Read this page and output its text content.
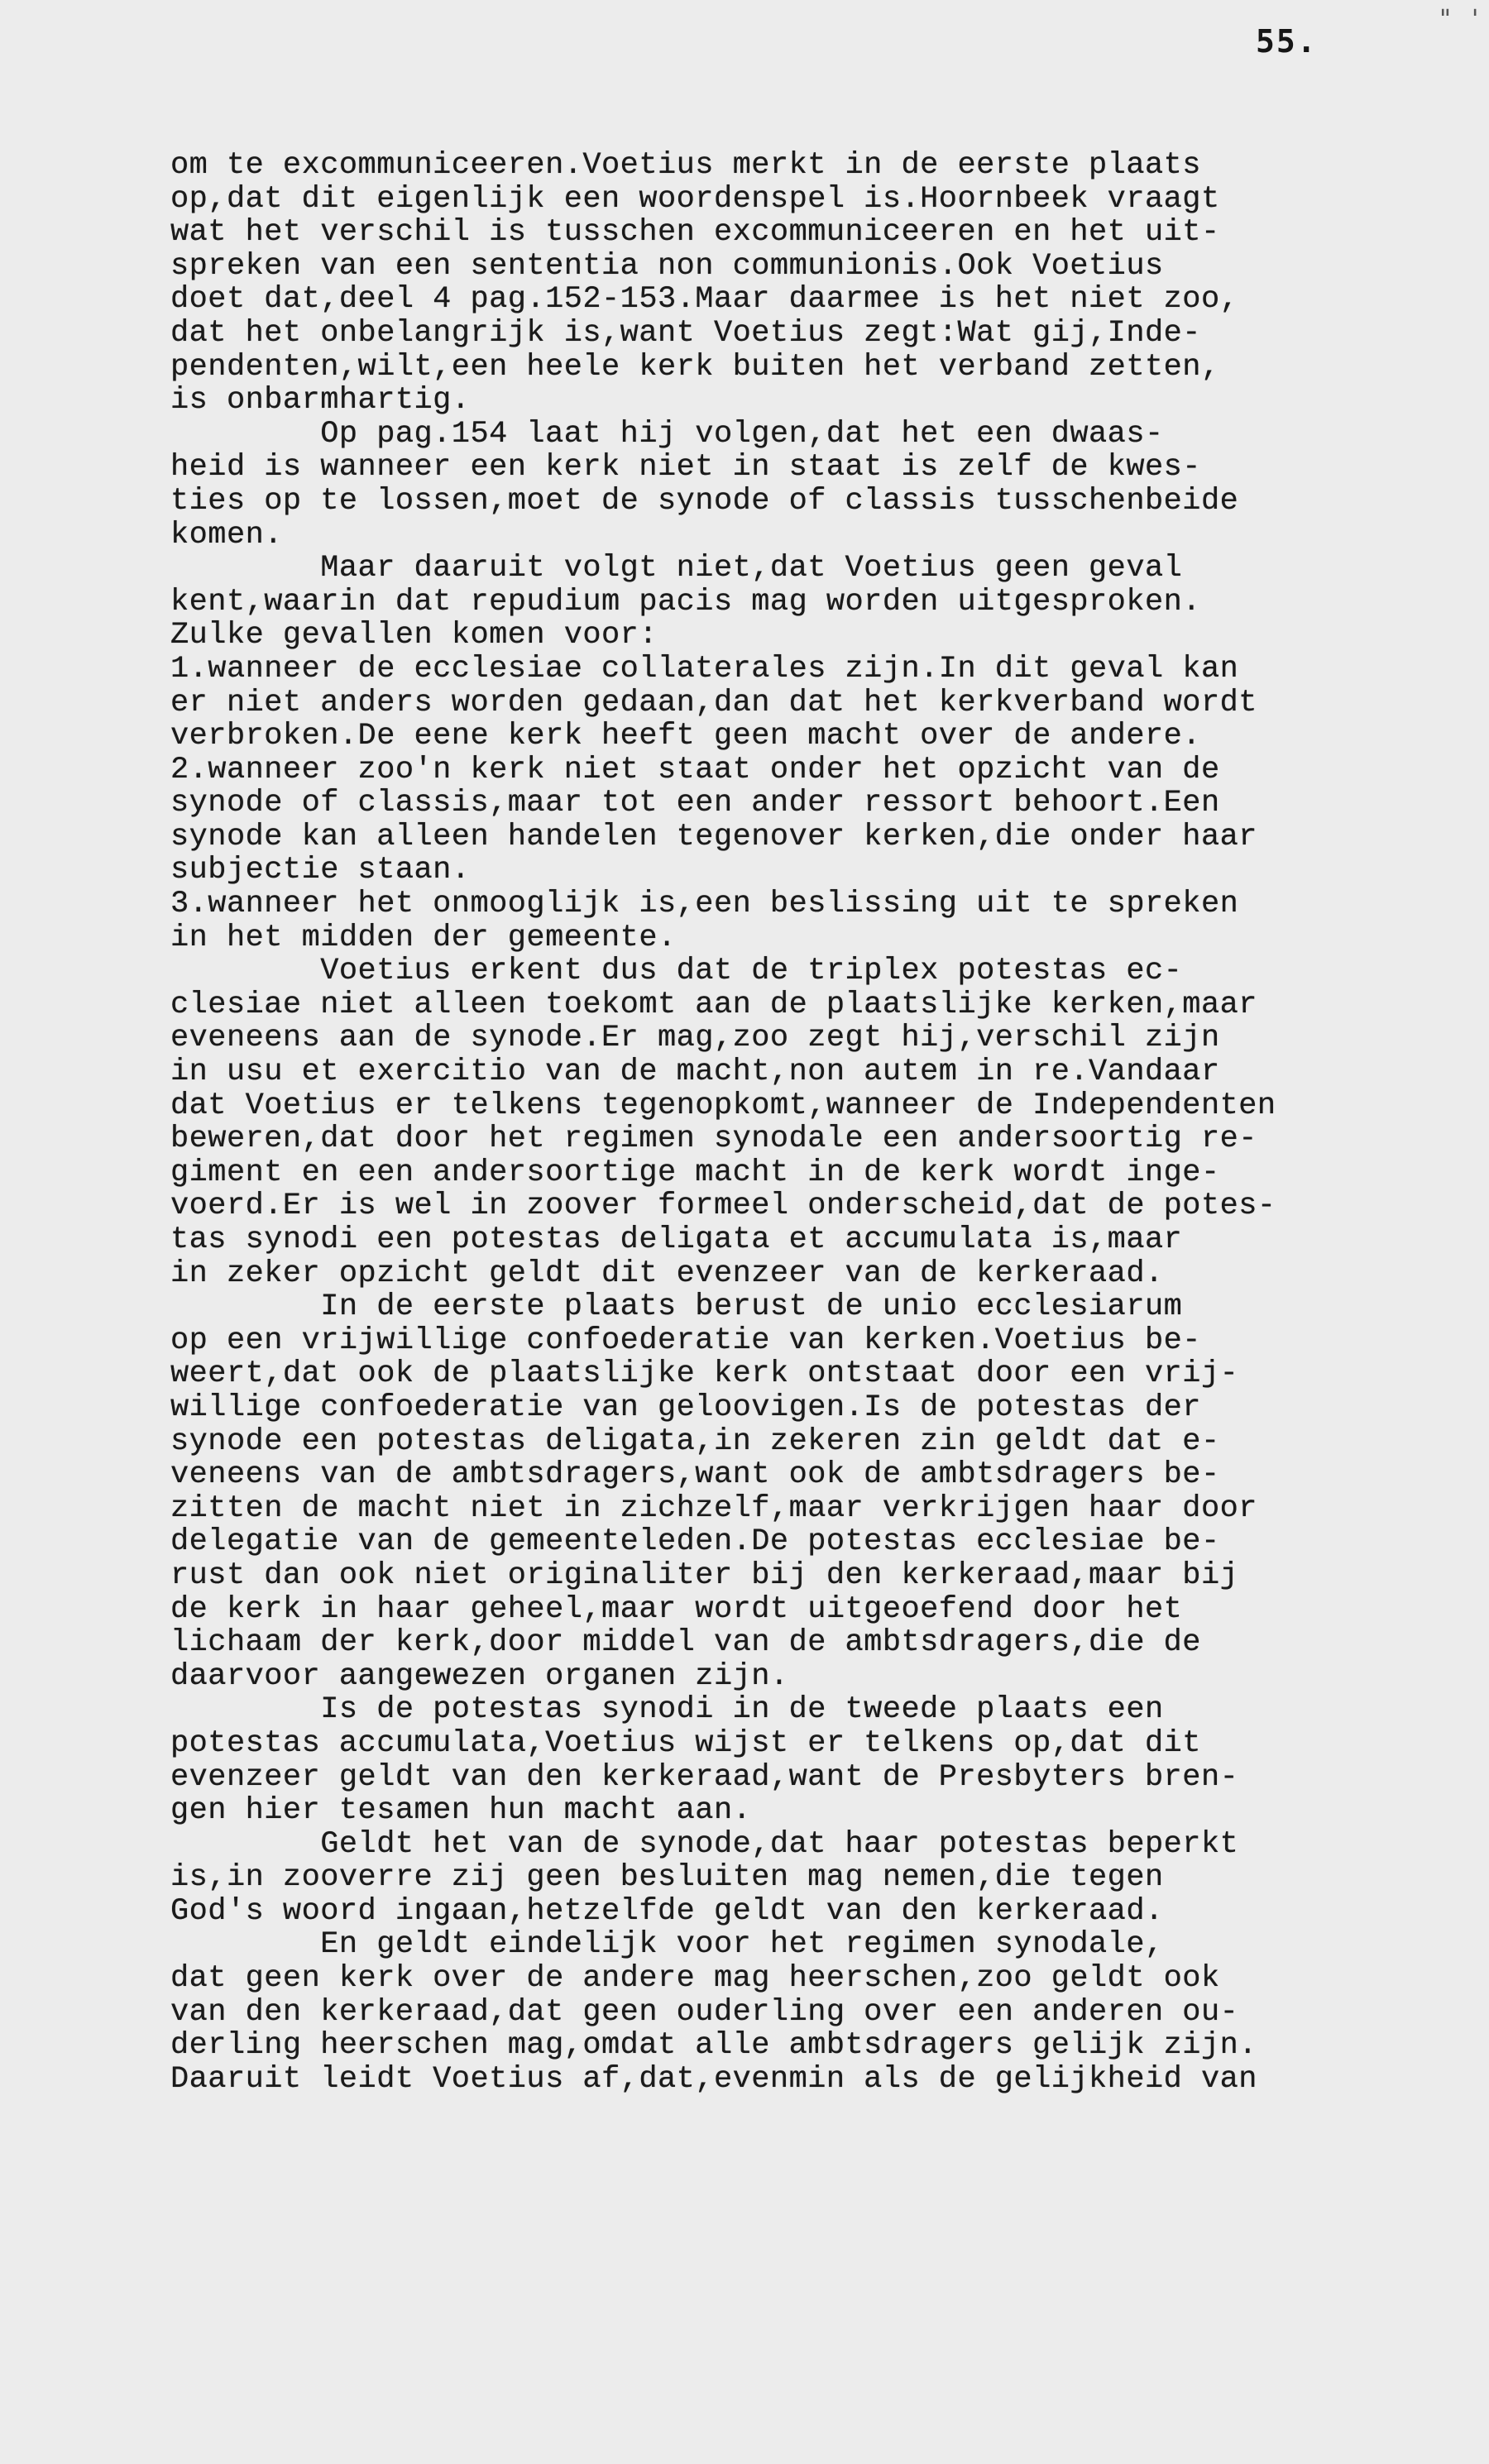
55.
" '
om te excommuniceeren.Voetius merkt in de eerste plaats
op,dat dit eigenlijk een woordenspel is.Hoornbeek vraagt
wat het verschil is tusschen excommuniceeren en het uit-
spreken van een sententia non communionis.Ook Voetius
doet dat,deel 4 pag.152-153.Maar daarmee is het niet zoo,
dat het onbelangrijk is,want Voetius zegt:Wat gij,Inde-
pendenten,wilt,een heele kerk buiten het verband zetten,
is onbarmhartig.
Op pag.154 laat hij volgen,dat het een dwaas-
heid is wanneer een kerk niet in staat is zelf de kwes-
ties op te lossen,moet de synode of classis tusschenbeide
komen.
Maar daaruit volgt niet,dat Voetius geen geval
kent,waarin dat repudium pacis mag worden uitgesproken.
Zulke gevallen komen voor:
1.wanneer de ecclesiae collaterales zijn.In dit geval kan
er niet anders worden gedaan,dan dat het kerkverband wordt
verbroken.De eene kerk heeft geen macht over de andere.
2.wanneer zoo'n kerk niet staat onder het opzicht van de
synode of classis,maar tot een ander ressort behoort.Een
synode kan alleen handelen tegenover kerken,die onder haar
subjectie staan.
3.wanneer het onmooglijk is,een beslissing uit te spreken
in het midden der gemeente.
Voetius erkent dus dat de triplex potestas ec-
clesiae niet alleen toekomt aan de plaatslijke kerken,maar
eveneens aan de synode.Er mag,zoo zegt hij,verschil zijn
in usu et exercitio van de macht,non autem in re.Vandaar
dat Voetius er telkens tegenopkomt,wanneer de Independenten
beweren,dat door het regimen synodale een andersoortig re-
giment en een andersoortige macht in de kerk wordt inge-
voerd.Er is wel in zoover formeel onderscheid,dat de potes-
tas synodi een potestas deligata et accumulata is,maar
in zeker opzicht geldt dit evenzeer van de kerkeraad.
In de eerste plaats berust de unio ecclesiarum
op een vrijwillige confoederatie van kerken.Voetius be-
weert,dat ook de plaatslijke kerk ontstaat door een vrij-
willige confoederatie van geloovigen.Is de potestas der
synode een potestas deligata,in zekeren zin geldt dat e-
veneens van de ambtsdragers,want ook de ambtsdragers be-
zitten de macht niet in zichzelf,maar verkrijgen haar door
delegatie van de gemeenteleden.De potestas ecclesiae be-
rust dan ook niet originaliter bij den kerkeraad,maar bij
de kerk in haar geheel,maar wordt uitgeoefend door het
lichaam der kerk,door middel van de ambtsdragers,die de
daarvoor aangewezen organen zijn.
Is de potestas synodi in de tweede plaats een
potestas accumulata,Voetius wijst er telkens op,dat dit
evenzeer geldt van den kerkeraad,want de Presbyters bren-
gen hier tesamen hun macht aan.
Geldt het van de synode,dat haar potestas beperkt
is,in zooverre zij geen besluiten mag nemen,die tegen
God's woord ingaan,hetzelfde geldt van den kerkeraad.
En geldt eindelijk voor het regimen synodale,
dat geen kerk over de andere mag heerschen,zoo geldt ook
van den kerkeraad,dat geen ouderling over een anderen ou-
derling heerschen mag,omdat alle ambtsdragers gelijk zijn.
Daaruit leidt Voetius af,dat,evenmin als de gelijkheid van
